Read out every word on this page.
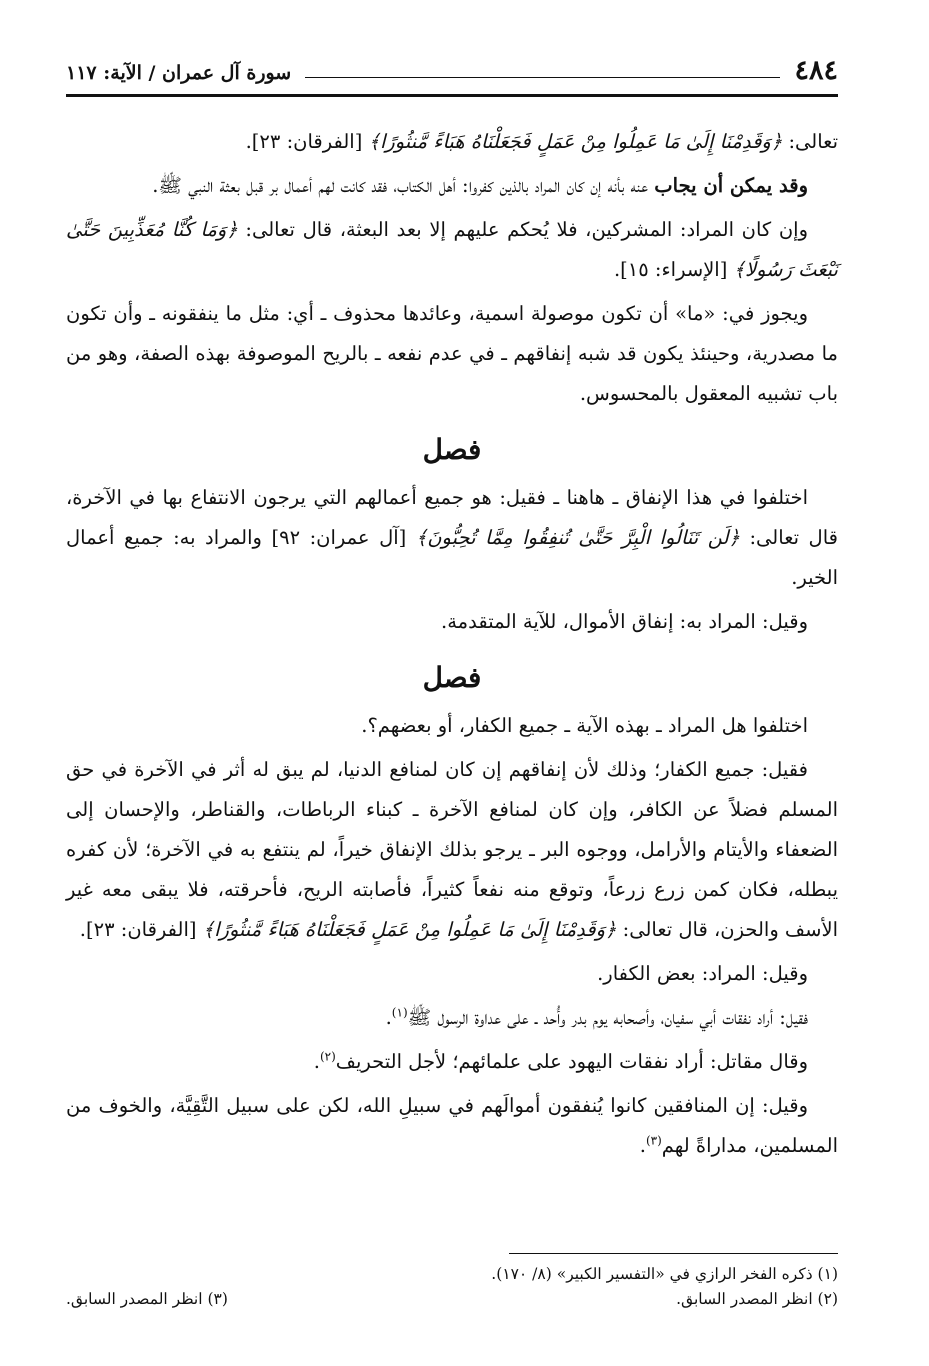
٤٨٤
سورة آل عمران / الآية: ١١٧

تعالى: ﴿وَقَدِمْنَا إِلَىٰ مَا عَمِلُوا مِنْ عَمَلٍ فَجَعَلْنَاهُ هَبَاءً مَّنثُورًا﴾ [الفرقان: ٢٣].

وقد يمكن أن يجاب عنه بأنه إن كان المراد بالذين كفروا: أهل الكتاب، فقد كانت لهم أعمال بر قبل بعثة النبي ﷺ.

وإن كان المراد: المشركين، فلا يُحكم عليهم إلا بعد البعثة، قال تعالى: ﴿وَمَا كُنَّا مُعَذِّبِينَ حَتَّىٰ نَبْعَثَ رَسُولًا﴾ [الإسراء: ١٥].

ويجوز في: «ما» أن تكون موصولة اسمية، وعائدها محذوف ـ أي: مثل ما ينفقونه ـ وأن تكون ما مصدرية، وحينئذ يكون قد شبه إنفاقهم ـ في عدم نفعه ـ بالريح الموصوفة بهذه الصفة، وهو من باب تشبيه المعقول بالمحسوس.

فصل

اختلفوا في هذا الإنفاق ـ هاهنا ـ فقيل: هو جميع أعمالهم التي يرجون الانتفاع بها في الآخرة، قال تعالى: ﴿لَن تَنَالُوا الْبِرَّ حَتَّىٰ تُنفِقُوا مِمَّا تُحِبُّونَ﴾ [آل عمران: ٩٢] والمراد به: جميع أعمال الخير.

وقيل: المراد به: إنفاق الأموال، للآية المتقدمة.

فصل

اختلفوا هل المراد ـ بهذه الآية ـ جميع الكفار، أو بعضهم؟.

فقيل: جميع الكفار؛ وذلك لأن إنفاقهم إن كان لمنافع الدنيا، لم يبق له أثر في الآخرة في حق المسلم فضلاً عن الكافر، وإن كان لمنافع الآخرة ـ كبناء الرباطات، والقناطر، والإحسان إلى الضعفاء والأيتام والأرامل، ووجوه البر ـ يرجو بذلك الإنفاق خيراً، لم ينتفع به في الآخرة؛ لأن كفره يبطله، فكان كمن زرع زرعاً، وتوقع منه نفعاً كثيراً، فأصابته الريح، فأحرقته، فلا يبقى معه غير الأسف والحزن، قال تعالى: ﴿وَقَدِمْنَا إِلَىٰ مَا عَمِلُوا مِنْ عَمَلٍ فَجَعَلْنَاهُ هَبَاءً مَّنثُورًا﴾ [الفرقان: ٢٣].

وقيل: المراد: بعض الكفار.

فقيل: أراد نفقات أبي سفيان، وأصحابه يوم بدر وأُحد ـ على عداوة الرسول ﷺ$^{(١)}$.

وقال مقاتل: أراد نفقات اليهود على علمائهم؛ لأجل التحريف$^{(٢)}$.

وقيل: إن المنافقين كانوا يُنفقون أموالَهم في سبيلِ الله، لكن على سبيل التَّقِيَّة، والخوف من المسلمين، مداراةً لهم$^{(٣)}$.

(١) ذكره الفخر الرازي في «التفسير الكبير» (٨/ ١٧٠).
(٢) انظر المصدر السابق.
(٣) انظر المصدر السابق.
